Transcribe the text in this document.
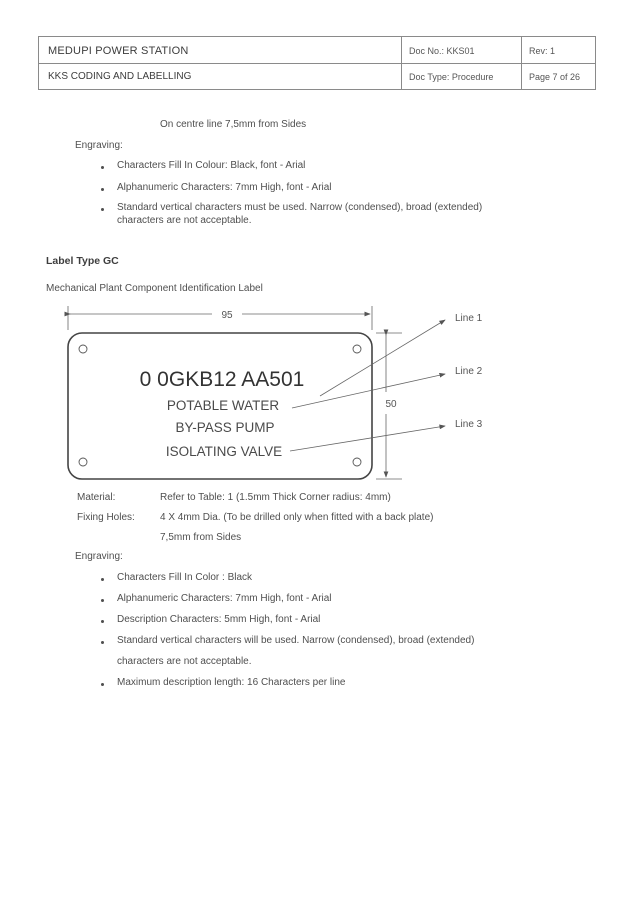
MEDUPI POWER STATION
KKS CODING AND LABELLING
Doc No.: KKS01
Doc Type: Procedure
Rev: 1
Page 7 of 26
On centre line 7,5mm from Sides
Engraving:
Characters Fill In Colour: Black, font - Arial
Alphanumeric Characters: 7mm High, font - Arial
Standard vertical characters must be used. Narrow (condensed), broad (extended)
characters are not acceptable.
Label Type GC
Mechanical Plant Component Identification Label
95
0 0GKB12 AA501
POTABLE WATER
BY-PASS PUMP
ISOLATING VALVE
50
Line 1
Line 2
Line 3
Material:	Refer to Table: 1 (1.5mm Thick Corner radius: 4mm)
Fixing Holes:	4 X 4mm Dia. (To be drilled only when fitted with a back plate)
7,5mm from Sides
Engraving:
Characters Fill In Color : Black
Alphanumeric Characters: 7mm High, font - Arial
Description Characters: 5mm High, font - Arial
Standard vertical characters will be used. Narrow (condensed), broad (extended)
characters are not acceptable.
Maximum description length: 16 Characters per line
